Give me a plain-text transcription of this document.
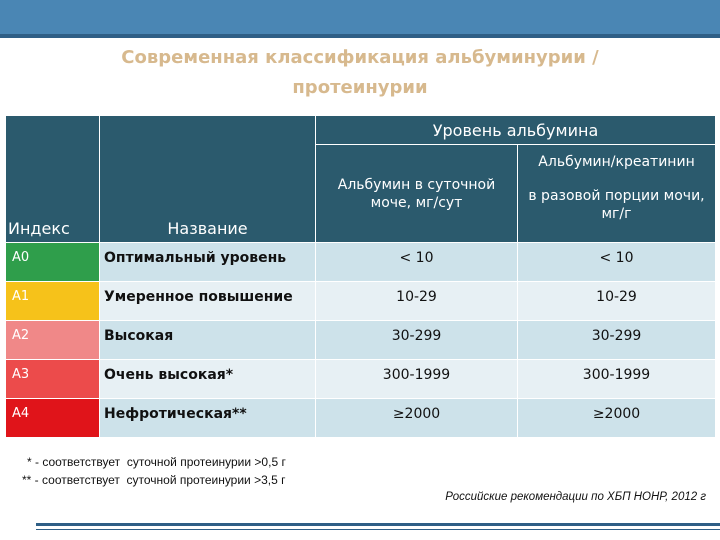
Современная классификация альбуминурии /
протеинурии
Индекс	Название	Уровень альбумина	
		Альбумин в суточной моче, мг/сут	Альбумин/креатинин
в разовой порции мочи, мг/г

А0	Оптимальный уровень	< 10	< 10
А1	Умеренное повышение	10-29	10-29
А2	Высокая	30-299	30-299
А3	Очень высокая*	300-1999	300-1999
А4	Нефротическая**	≥2000	≥2000
* - соответствует  суточной протеинурии >0,5 г
** - соответствует  суточной протеинурии >3,5 г
Российские рекомендации по ХБП НОНР, 2012 г
